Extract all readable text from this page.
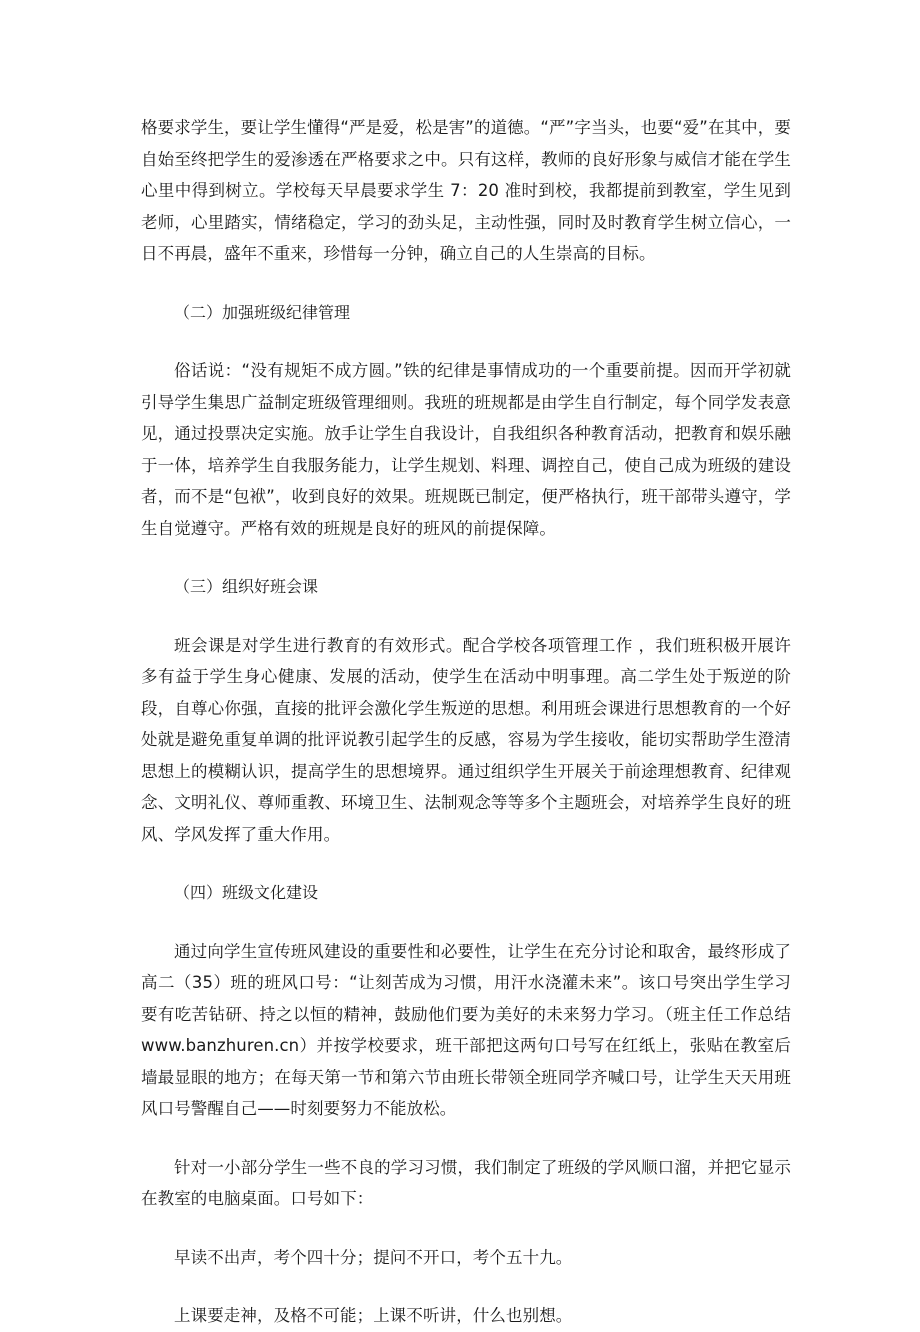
格要求学生，要让学生懂得“严是爱，松是害”的道德。“严”字当头，也要“爱”在其中，要自始至终把学生的爱渗透在严格要求之中。只有这样，教师的良好形象与威信才能在学生心里中得到树立。学校每天早晨要求学生 7：20 准时到校，我都提前到教室，学生见到老师，心里踏实，情绪稳定，学习的劲头足，主动性强，同时及时教育学生树立信心，一日不再晨，盛年不重来，珍惜每一分钟，确立自己的人生崇高的目标。

（二）加强班级纪律管理

俗话说：“没有规矩不成方圆。”铁的纪律是事情成功的一个重要前提。因而开学初就引导学生集思广益制定班级管理细则。我班的班规都是由学生自行制定，每个同学发表意见，通过投票决定实施。放手让学生自我设计，自我组织各种教育活动，把教育和娱乐融于一体，培养学生自我服务能力，让学生规划、料理、调控自己，使自己成为班级的建设者，而不是“包袱”，收到良好的效果。班规既已制定，便严格执行，班干部带头遵守，学生自觉遵守。严格有效的班规是良好的班风的前提保障。

（三）组织好班会课

班会课是对学生进行教育的有效形式。配合学校各项管理工作 ，我们班积极开展许多有益于学生身心健康、发展的活动，使学生在活动中明事理。高二学生处于叛逆的阶段，自尊心你强，直接的批评会激化学生叛逆的思想。利用班会课进行思想教育的一个好处就是避免重复单调的批评说教引起学生的反感，容易为学生接收，能切实帮助学生澄清思想上的模糊认识，提高学生的思想境界。通过组织学生开展关于前途理想教育、纪律观念、文明礼仪、尊师重教、环境卫生、法制观念等等多个主题班会，对培养学生良好的班风、学风发挥了重大作用。

（四）班级文化建设

通过向学生宣传班风建设的重要性和必要性，让学生在充分讨论和取舍，最终形成了高二（35）班的班风口号：“让刻苦成为习惯，用汗水浇灌未来”。该口号突出学生学习要有吃苦钻研、持之以恒的精神，鼓励他们要为美好的未来努力学习。（班主任工作总结 www.banzhuren.cn）并按学校要求，班干部把这两句口号写在红纸上，张贴在教室后墙最显眼的地方；在每天第一节和第六节由班长带领全班同学齐喊口号，让学生天天用班风口号警醒自己——时刻要努力不能放松。

针对一小部分学生一些不良的学习习惯，我们制定了班级的学风顺口溜，并把它显示在教室的电脑桌面。口号如下：

早读不出声，考个四十分；提问不开口，考个五十九。

上课要走神，及格不可能；上课不听讲，什么也别想。
